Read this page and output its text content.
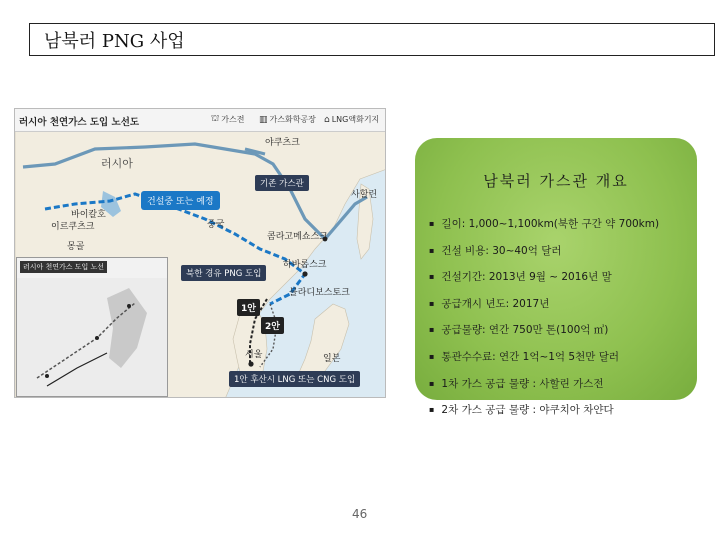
남북러 PNG 사업
러시아 천연가스 도입 노선도	⛫ 가스전 ▥ 가스화학공장 ⌂ LNG액화기지
러시아
야쿠츠크
기존 가스관
사할린
건설중 또는 예정
바이칼호
이르쿠츠크	중국
콤라고메쇼스크
몽골
하바롭스크
북한 경유 PNG 도입
블라디보스토크
1안
2안
서울	일본
1안 후산시 LNG 또는 CNG 도입
러시아 천연가스 도입 노선
남북러 가스관 개요
▪ 길이: 1,000~1,100km(북한 구간 약 700km)
▪ 건설 비용: 30~40억 달러
▪ 건설기간: 2013년 9월 ~ 2016년 말
▪ 공급개시 년도: 2017년
▪ 공급물량: 연간 750만 톤(100억 ㎥)
▪ 통관수수료: 연간 1억~1억 5천만 달러
▪ 1차 가스 공급 물량 : 사할린 가스전
▪ 2차 가스 공급 물량 : 야쿠치아 차얀다
46
